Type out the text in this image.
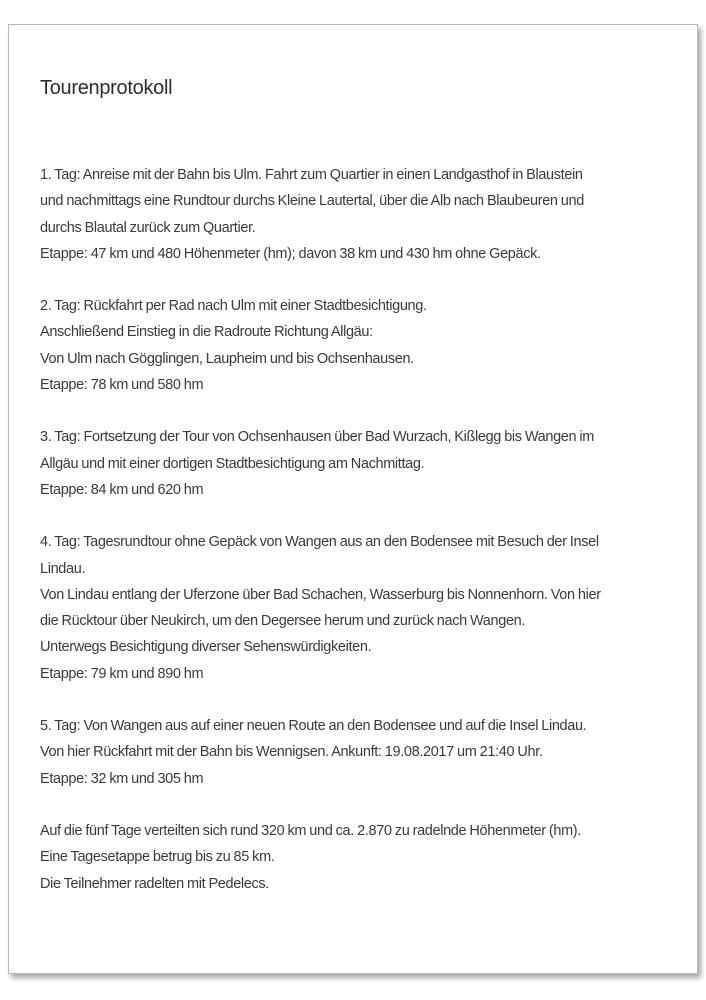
Tourenprotokoll
1. Tag: Anreise mit der Bahn bis Ulm. Fahrt zum Quartier in einen Landgasthof in Blaustein
und nachmittags eine Rundtour durchs Kleine Lautertal, über die Alb nach Blaubeuren und
durchs Blautal zurück zum Quartier.
Etappe: 47 km und 480 Höhenmeter (hm); davon 38 km und 430 hm ohne Gepäck.
2. Tag: Rückfahrt per Rad nach Ulm mit einer Stadtbesichtigung.
Anschließend Einstieg in die Radroute Richtung Allgäu:
Von Ulm nach Gögglingen, Laupheim und bis Ochsenhausen.
Etappe: 78 km und 580 hm
3. Tag: Fortsetzung der Tour von Ochsenhausen über Bad Wurzach, Kißlegg bis Wangen im
Allgäu und mit einer dortigen Stadtbesichtigung am Nachmittag.
Etappe: 84 km und 620 hm
4. Tag: Tagesrundtour ohne Gepäck von Wangen aus an den Bodensee mit Besuch der Insel
Lindau.
Von Lindau entlang der Uferzone über Bad Schachen, Wasserburg bis Nonnenhorn. Von hier
die Rücktour über Neukirch, um den Degersee herum und zurück nach Wangen.
Unterwegs Besichtigung diverser Sehenswürdigkeiten.
Etappe: 79 km und 890 hm
5. Tag: Von Wangen aus auf einer neuen Route an den Bodensee und auf die Insel Lindau.
Von hier Rückfahrt mit der Bahn bis Wennigsen. Ankunft: 19.08.2017 um 21:40 Uhr.
Etappe: 32 km und 305 hm
Auf die fünf Tage verteilten sich rund 320 km und ca. 2.870 zu radelnde Höhenmeter (hm).
Eine Tagesetappe betrug bis zu 85 km.
Die Teilnehmer radelten mit Pedelecs.
